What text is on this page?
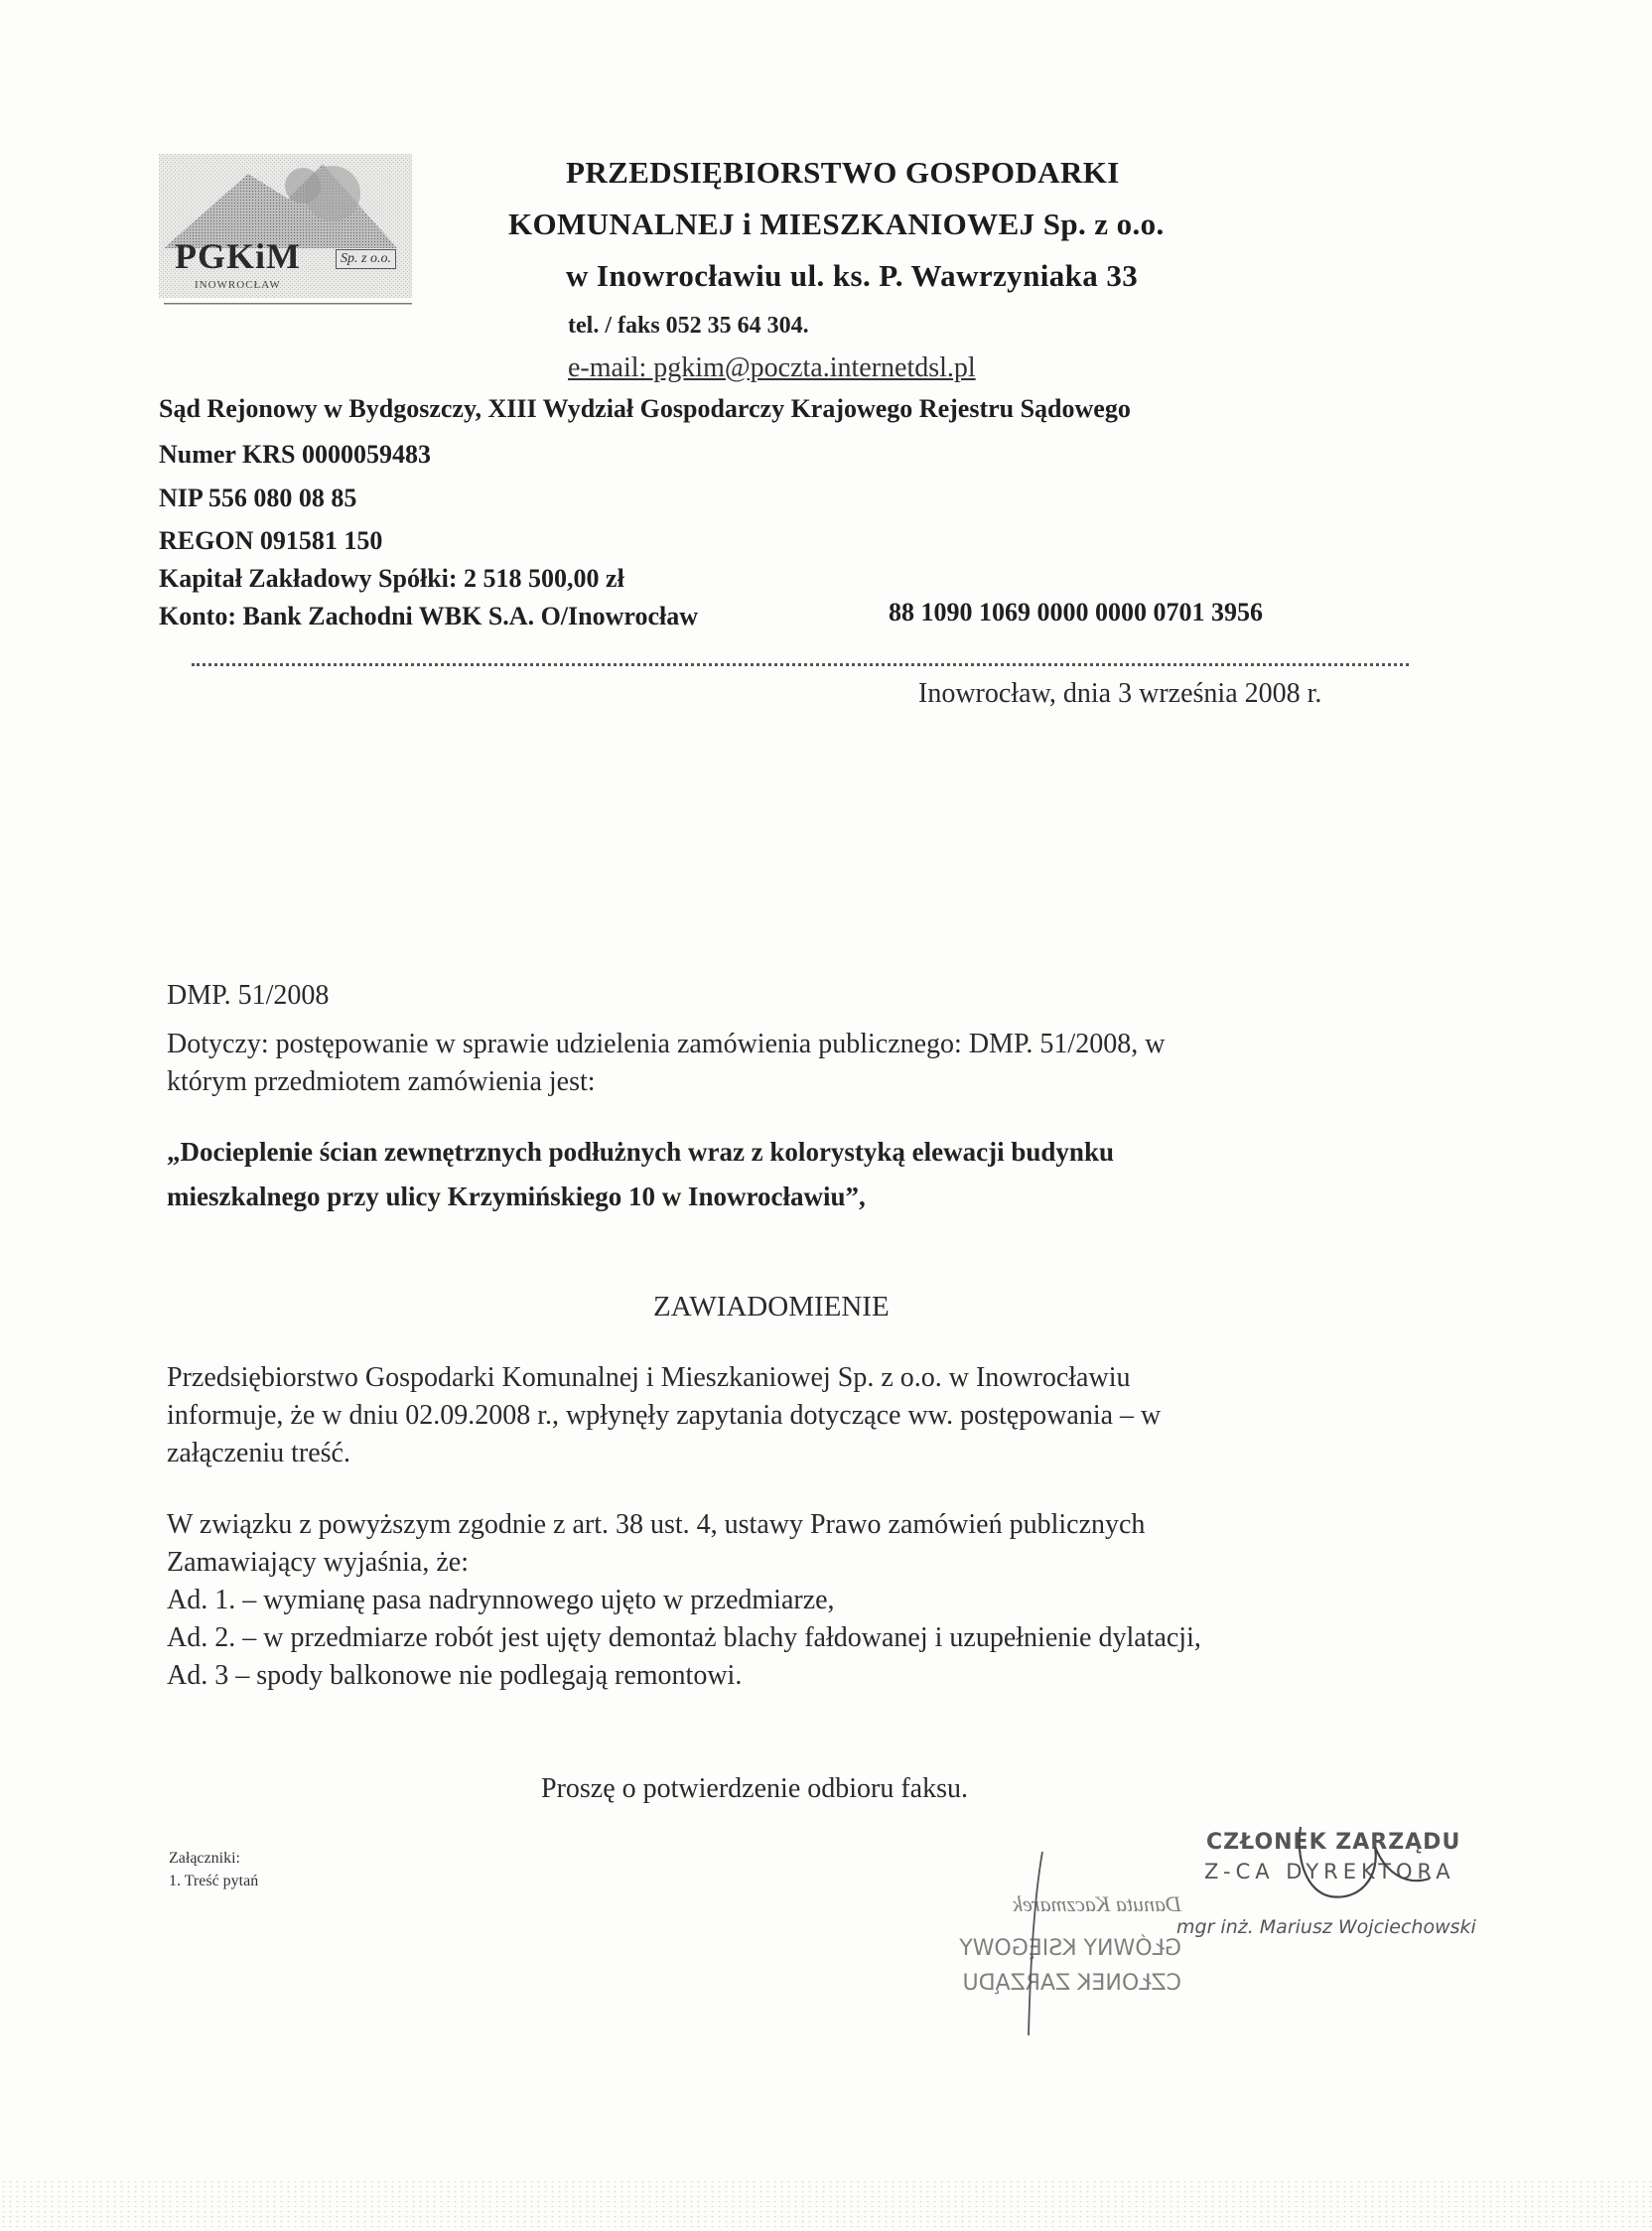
PGKiM	Sp. z o.o.
INOWROCŁAW
PRZEDSIĘBIORSTWO GOSPODARKI
KOMUNALNEJ i MIESZKANIOWEJ Sp. z o.o.
w Inowrocławiu ul. ks. P. Wawrzyniaka 33
tel. / faks 052 35 64 304.
e-mail: pgkim@poczta.internetdsl.pl
Sąd Rejonowy w Bydgoszczy, XIII Wydział Gospodarczy Krajowego Rejestru Sądowego
Numer KRS 0000059483
NIP 556 080 08 85
REGON 091581 150
Kapitał Zakładowy Spółki: 2 518 500,00 zł
Konto: Bank Zachodni WBK S.A. O/Inowrocław	88 1090 1069 0000 0000 0701 3956
Inowrocław, dnia 3 września 2008 r.
DMP. 51/2008
Dotyczy: postępowanie w sprawie udzielenia zamówienia publicznego: DMP. 51/2008, w
którym przedmiotem zamówienia jest:
„Docieplenie ścian zewnętrznych podłużnych wraz z kolorystyką elewacji budynku
mieszkalnego przy ulicy Krzymińskiego 10 w Inowrocławiu”,
ZAWIADOMIENIE
Przedsiębiorstwo Gospodarki Komunalnej i Mieszkaniowej Sp. z o.o. w Inowrocławiu
informuje, że w dniu 02.09.2008 r., wpłynęły zapytania dotyczące ww. postępowania – w
załączeniu treść.
W związku z powyższym zgodnie z art. 38 ust. 4, ustawy Prawo zamówień publicznych
Zamawiający wyjaśnia, że:
Ad. 1. – wymianę pasa nadrynnowego ujęto w przedmiarze,
Ad. 2. – w przedmiarze robót jest ujęty demontaż blachy fałdowanej i uzupełnienie dylatacji,
Ad. 3 – spody balkonowe nie podlegają remontowi.
Proszę o potwierdzenie odbioru faksu.
Załączniki:
1. Treść pytań
CZŁONEK ZARZĄDU
Z-CA DYREKTORA
mgr inż. Mariusz Wojciechowski
Danuta Kaczmarek
GŁÓWNY KSIĘGOWY
CZŁONEK ZARZĄDU
